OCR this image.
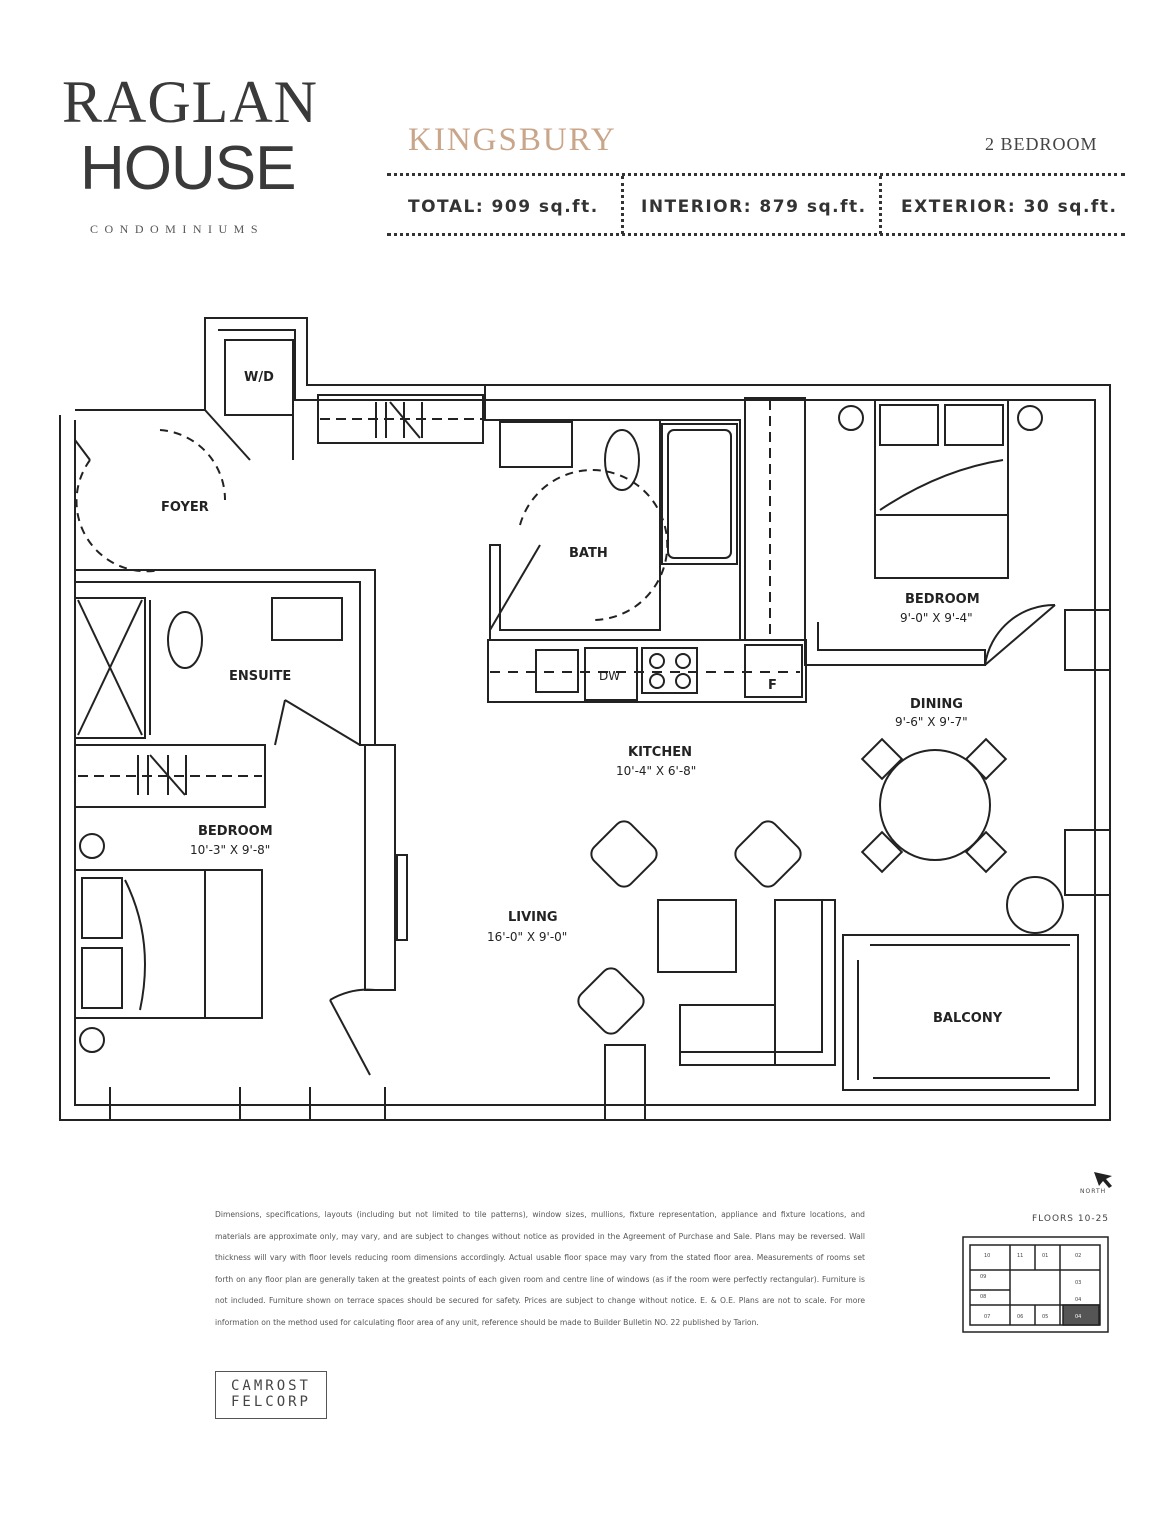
RAGLAN
HOUSE
CONDOMINIUMS
KINGSBURY	2 BEDROOM
TOTAL: 909 sq.ft. INTERIOR: 879 sq.ft. EXTERIOR: 30 sq.ft.
W/D
FOYER
BATH
BEDROOM
9'-0" X 9'-4"
ENSUITE	DW
F
DINING
9'-6" X 9'-7"
KITCHEN
10'-4" X 6'-8"
BEDROOM
10'-3" X 9'-8"
LIVING
16'-0" X 9'-0"
BALCONY
NORTH
FLOORS 10-25
10	11	01	02
09
03
08	04
07	06	05	04
Dimensions, specifications, layouts (including but not limited to tile patterns), window sizes, mullions, fixture representation, appliance and fixture locations, and materials are approximate only, may vary, and are subject to changes without notice as provided in the Agreement of Purchase and Sale. Plans may be reversed. Wall thickness will vary with floor levels reducing room dimensions accordingly. Actual usable floor space may vary from the stated floor area. Measurements of rooms set forth on any floor plan are generally taken at the greatest points of each given room and centre line of windows (as if the room were perfectly rectangular). Furniture is not included. Furniture shown on terrace spaces should be secured for safety. Prices are subject to change without notice. E. & O.E. Plans are not to scale. For more information on the method used for calculating floor area of any unit, reference should be made to Builder Bulletin NO. 22 published by Tarion.
CAMROST
FELCORP
